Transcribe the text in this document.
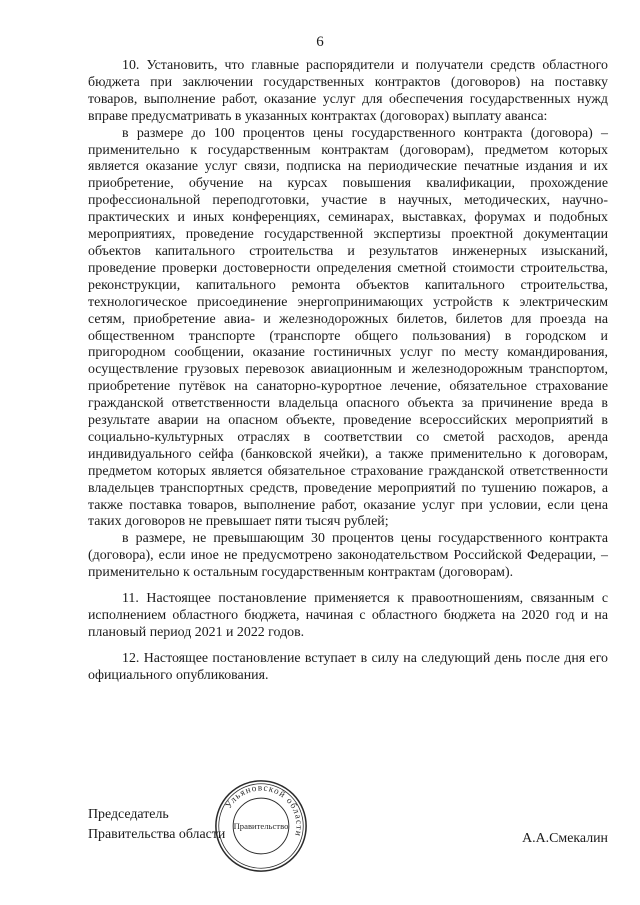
6

10. Установить, что главные распорядители и получатели средств областного бюджета при заключении государственных контрактов (договоров) на поставку товаров, выполнение работ, оказание услуг для обеспечения государственных нужд вправе предусматривать в указанных контрактах (договорах) выплату аванса:

в размере до 100 процентов цены государственного контракта (договора) – применительно к государственным контрактам (договорам), предметом которых является оказание услуг связи, подписка на периодические печатные издания и их приобретение, обучение на курсах повышения квалификации, прохождение профессиональной переподготовки, участие в научных, методических, научно-практических и иных конференциях, семинарах, выставках, форумах и подобных мероприятиях, проведение государственной экспертизы проектной документации объектов капитального строительства и результатов инженерных изысканий, проведение проверки достоверности определения сметной стоимости строительства, реконструкции, капитального ремонта объектов капитального строительства, технологическое присоединение энергопринимающих устройств к электрическим сетям, приобретение авиа- и железнодорожных билетов, билетов для проезда на общественном транспорте (транспорте общего пользования) в городском и пригородном сообщении, оказание гостиничных услуг по месту командирования, осуществление грузовых перевозок авиационным и железнодорожным транспортом, приобретение путёвок на санаторно-курортное лечение, обязательное страхование гражданской ответственности владельца опасного объекта за причинение вреда в результате аварии на опасном объекте, проведение всероссийских мероприятий в социально-культурных отраслях в соответствии со сметой расходов, аренда индивидуального сейфа (банковской ячейки), а также применительно к договорам, предметом которых является обязательное страхование гражданской ответственности владельцев транспортных средств, проведение мероприятий по тушению пожаров, а также поставка товаров, выполнение работ, оказание услуг при условии, если цена таких договоров не превышает пяти тысяч рублей;

в размере, не превышающим 30 процентов цены государственного контракта (договора), если иное не предусмотрено законодательством Российской Федерации, – применительно к остальным государственным контрактам (договорам).

11. Настоящее постановление применяется к правоотношениям, связанным с исполнением областного бюджета, начиная с областного бюджета на 2020 год и на плановый период 2021 и 2022 годов.

12. Настоящее постановление вступает в силу на следующий день после дня его официального опубликования.

Председатель
Правительства области	А.А.Смекалин
Ульяновской области
Правительство
